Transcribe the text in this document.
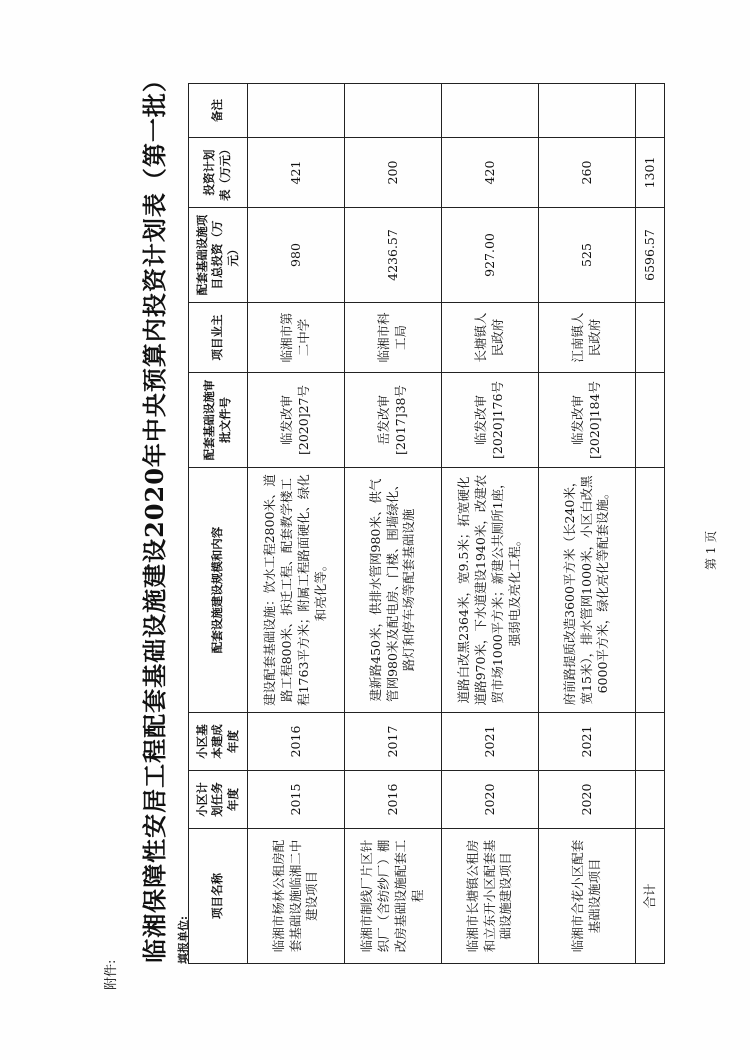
附件:
临湘保障性安居工程配套基础设施建设2020年中央预算内投资计划表（第一批） 填报单位:
项目名称	小区计划任务年度	小区基本建成年度	配套设施建设规模和内容	配套基础设施审批文件号	项目业主	配套基础设施项目总投资（万元）	投资计划表（万元）	备注
临湘市杨林公租房配套基础设施临湘二中建设项目	2015	2016	建设配套基础设施：饮水工程2800米、道路工程800米、拆迁工程、配套教学楼工程1763平方米；附属工程路面硬化、绿化和亮化等。	临发改审[2020]27号	临湘市第二中学	980	421	
临湘市制线厂片区针织厂（含纺纱厂）棚改房基础设施配套工程	2016	2017	建新路450米，供排水管网980米、供气管网980米及配电房、门楼、围墙绿化、路灯和停车场等配套基础设施	岳发改审[2017]38号	临湘市科工局	4236.57	200	
临湘市长塘镇公租房和立东开小区配套基础设施建设项目	2020	2021	道路白改黑2364米，宽9.5米；拓宽硬化道路970米，下水道建设1940米，改建农贸市场1000平方米；新建公共厕所1座，强弱电及亮化工程。	临发改审[2020]176号	长塘镇人民政府	927.00	420	
临湘市合花小区配套基础设施项目	2020	2021	府前路提质改造3600平方米（长240米，宽15米），排水管网1000米，小区白改黑6000平方米，绿化亮化等配套设施。	临发改审[2020]184号	江南镇人民政府	525	260	
合计						6596.57	1301	
第 1 页
